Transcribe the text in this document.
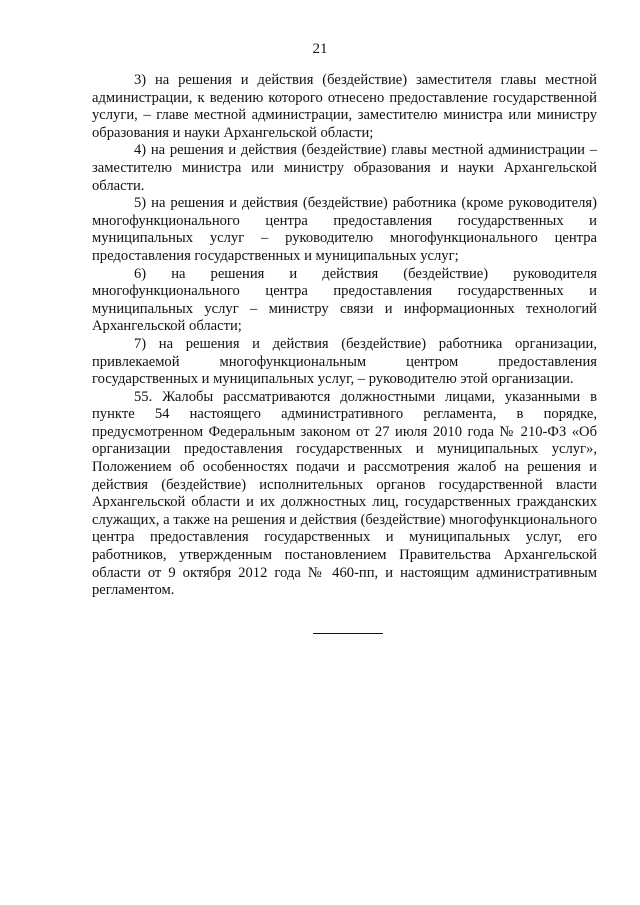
21

3) на решения и действия (бездействие) заместителя главы местной администрации, к ведению которого отнесено предоставление государственной услуги, – главе местной администрации, заместителю министра или министру образования и науки Архангельской области;

4) на решения и действия (бездействие) главы местной администрации – заместителю министра или министру образования и науки Архангельской области.

5) на решения и действия (бездействие) работника (кроме руководителя) многофункционального центра предоставления государственных и муниципальных услуг – руководителю многофункционального центра предоставления государственных и муниципальных услуг;

6) на решения и действия (бездействие) руководителя многофункционального центра предоставления государственных и муниципальных услуг – министру связи и информационных технологий Архангельской области;

7) на решения и действия (бездействие) работника организации, привлекаемой многофункциональным центром предоставления государственных и муниципальных услуг, – руководителю этой организации.

55. Жалобы рассматриваются должностными лицами, указанными в пункте 54 настоящего административного регламента, в порядке, предусмотренном Федеральным законом от 27 июля 2010 года № 210-ФЗ «Об организации предоставления государственных и муниципальных услуг», Положением об особенностях подачи и рассмотрения жалоб на решения и действия (бездействие) исполнительных органов государственной власти Архангельской области и их должностных лиц, государственных гражданских служащих, а также на решения и действия (бездействие) многофункционального центра предоставления государственных и муниципальных услуг, его работников, утвержденным постановлением Правительства Архангельской области от 9 октября 2012 года № 460-пп, и настоящим административным регламентом.
